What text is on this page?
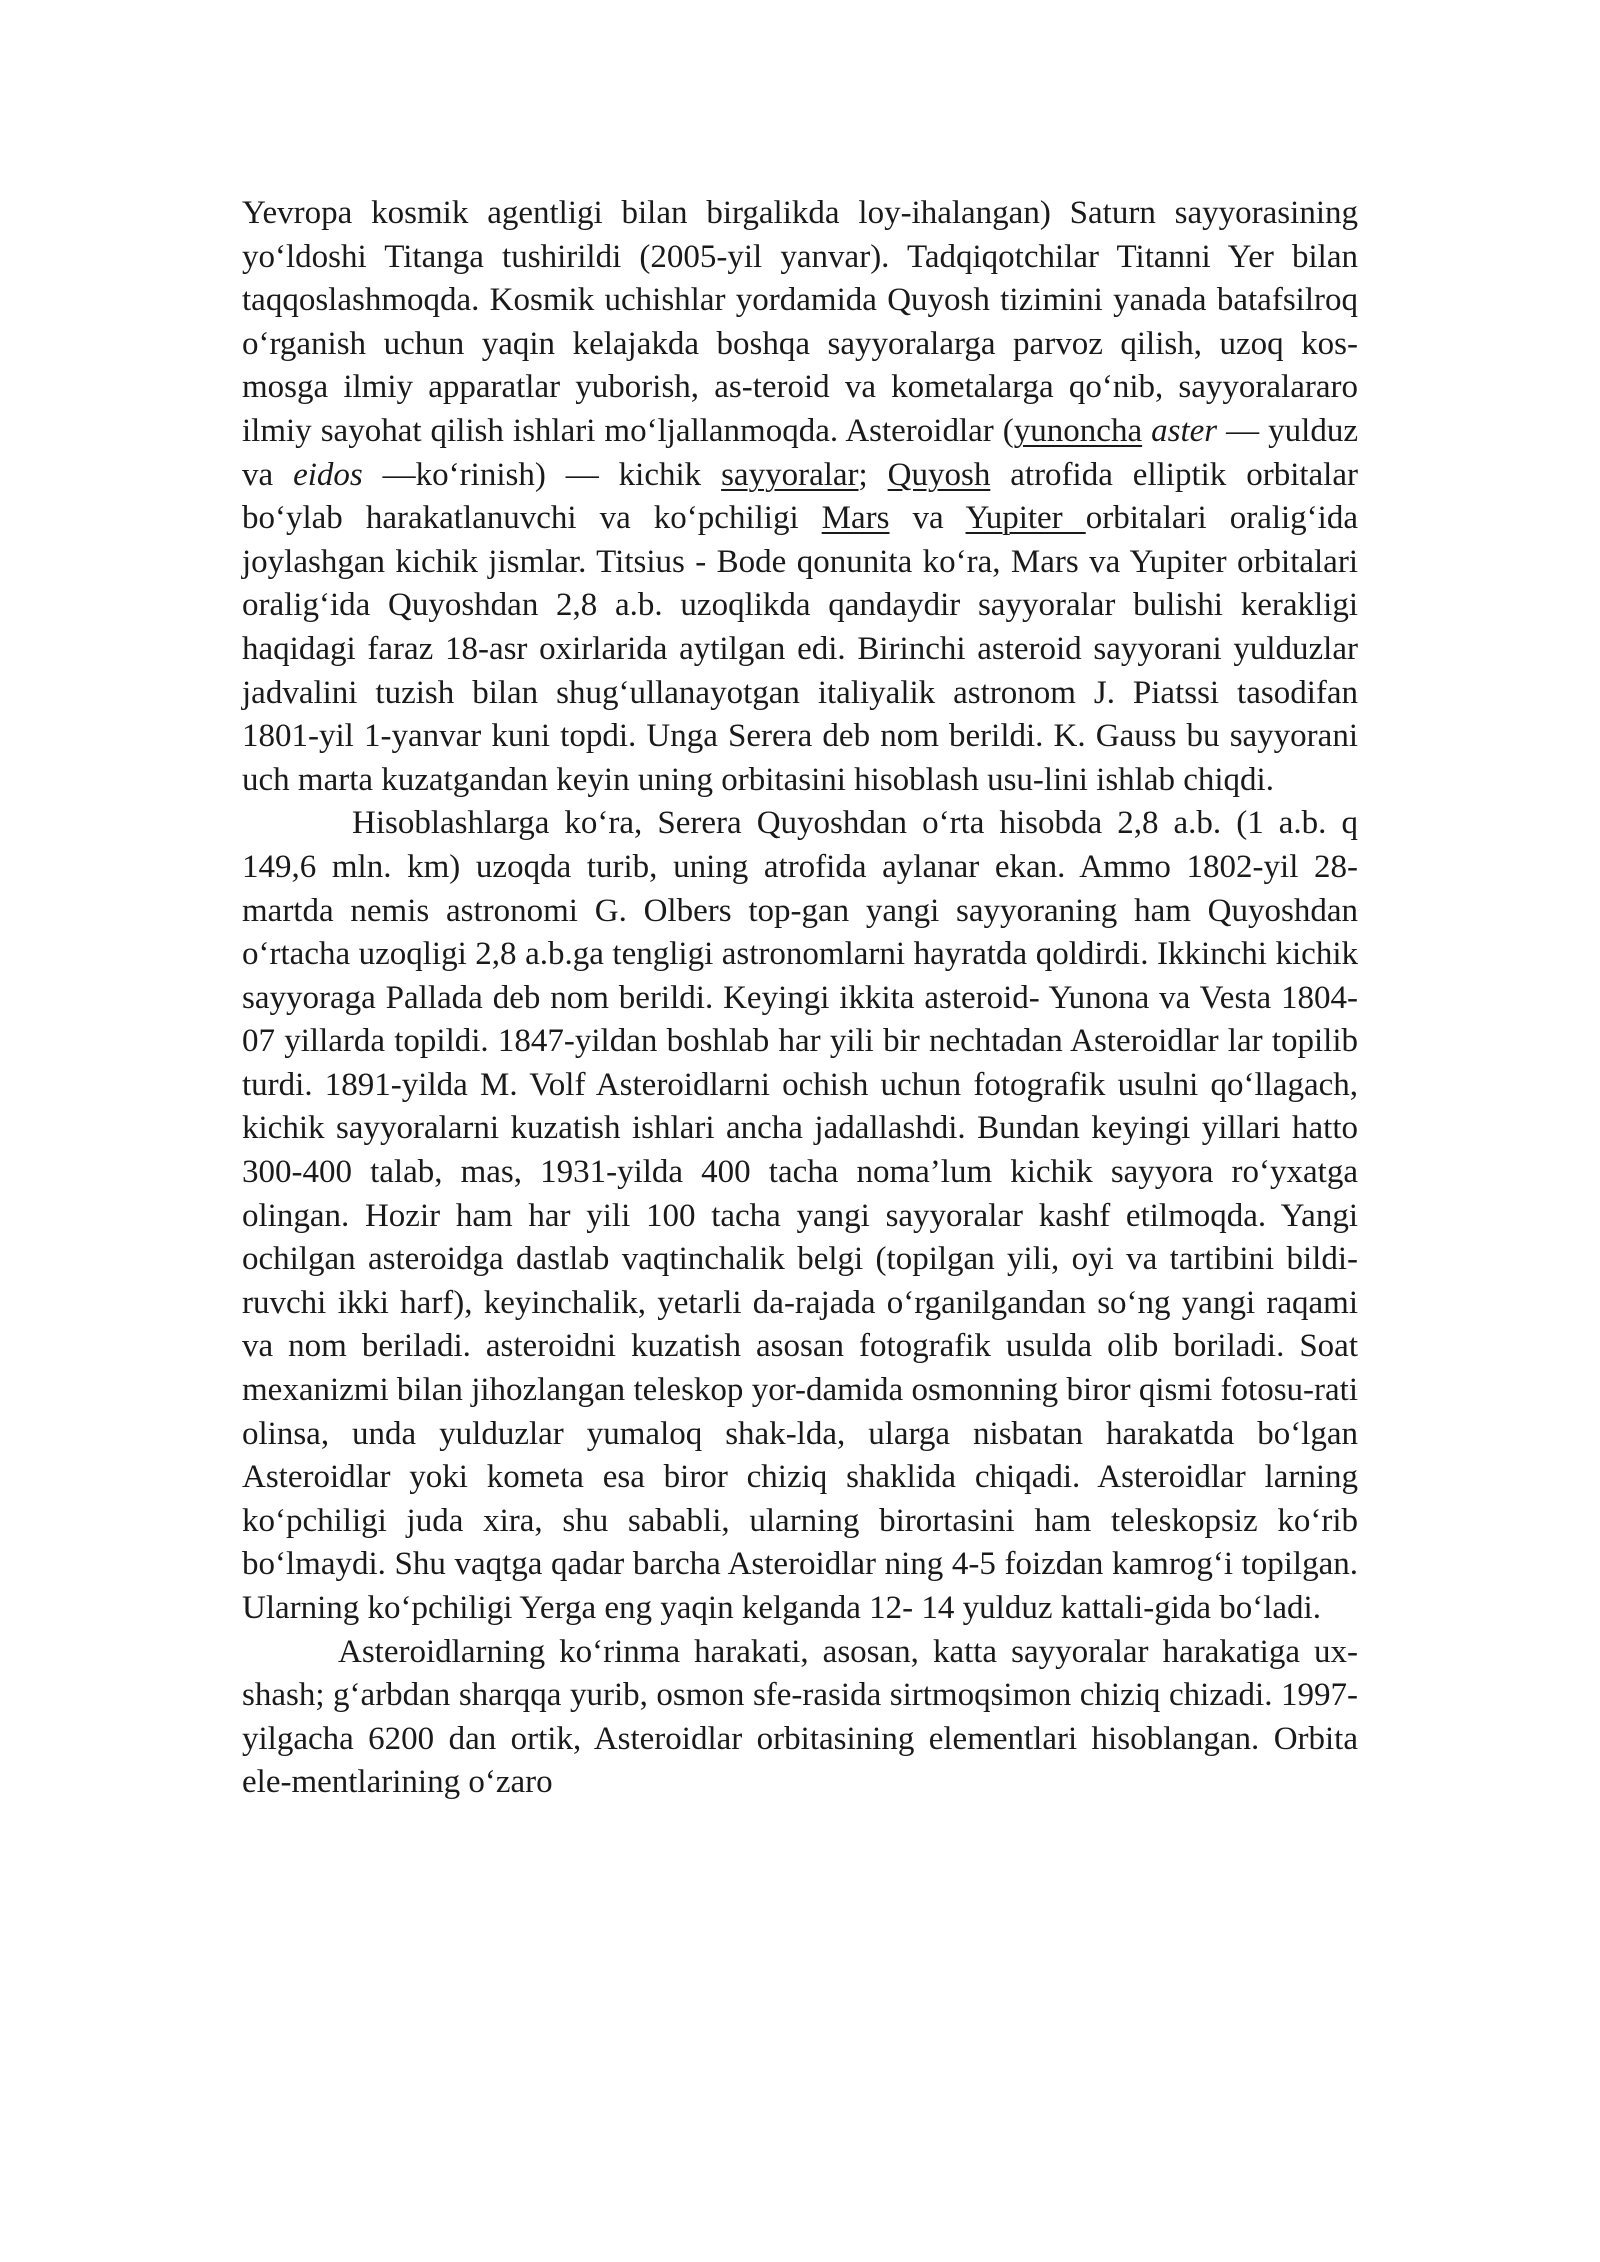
Yevropa kosmik agentligi bilan birgalikda loy-ihalangan) Saturn sayyorasining yo‘ldoshi Titanga tushirildi (2005-yil yanvar). Tadqiqotchilar Titanni Yer bilan taqqoslashmoqda. Kosmik uchishlar yordamida Quyosh tizimini yanada batafsilroq o‘rganish uchun yaqin kelajakda boshqa sayyoralarga parvoz qilish, uzoq kos-mosga ilmiy apparatlar yuborish, as-teroid va kometalarga qo‘nib, sayyoralararo ilmiy sayohat qilish ishlari mo‘ljallanmoqda. Asteroidlar (yunoncha aster — yulduz va eidos —ko‘rinish) — kichik sayyoralar; Quyosh atrofida elliptik orbitalar bo‘ylab harakatlanuvchi va ko‘pchiligi Mars va Yupiter orbitalari oralig‘ida joylashgan kichik jismlar. Titsius - Bode qonunita ko‘ra, Mars va Yupiter orbitalari oralig‘ida Quyoshdan 2,8 a.b. uzoqlikda qandaydir sayyoralar bulishi kerakligi haqidagi faraz 18-asr oxirlarida aytilgan edi. Birinchi asteroid sayyorani yulduzlar jadvalini tuzish bilan shug‘ullanayotgan italiyalik astronom J. Piatssi tasodifan 1801-yil 1-yanvar kuni topdi. Unga Serera deb nom berildi. K. Gauss bu sayyorani uch marta kuzatgandan keyin uning orbitasini hisoblash usu-lini ishlab chiqdi.

Hisoblashlarga ko‘ra, Serera Quyoshdan o‘rta hisobda 2,8 a.b. (1 a.b. q 149,6 mln. km) uzoqda turib, uning atrofida aylanar ekan. Ammo 1802-yil 28-martda nemis astronomi G. Olbers top-gan yangi sayyoraning ham Quyoshdan o‘rtacha uzoqligi 2,8 a.b.ga tengligi astronomlarni hayratda qoldirdi. Ikkinchi kichik sayyoraga Pallada deb nom berildi. Keyingi ikkita asteroid- Yunona va Vesta 1804-07 yillarda topildi. 1847-yildan boshlab har yili bir nechtadan Asteroidlar lar topilib turdi. 1891-yilda M. Volf Asteroidlarni ochish uchun fotografik usulni qo‘llagach, kichik sayyoralarni kuzatish ishlari ancha jadallashdi. Bundan keyingi yillari hatto 300-400 talab, mas, 1931-yilda 400 tacha noma’lum kichik sayyora ro‘yxatga olingan. Hozir ham har yili 100 tacha yangi sayyoralar kashf etilmoqda. Yangi ochilgan asteroidga dastlab vaqtinchalik belgi (topilgan yili, oyi va tartibini bildi-ruvchi ikki harf), keyinchalik, yetarli da-rajada o‘rganilgandan so‘ng yangi raqami va nom beriladi. asteroidni kuzatish asosan fotografik usulda olib boriladi. Soat mexanizmi bilan jihozlangan teleskop yor-damida osmonning biror qismi fotosu-rati olinsa, unda yulduzlar yumaloq shak-lda, ularga nisbatan harakatda bo‘lgan Asteroidlar yoki kometa esa biror chiziq shaklida chiqadi. Asteroidlar larning ko‘pchiligi juda xira, shu sababli, ularning birortasini ham teleskopsiz ko‘rib bo‘lmaydi. Shu vaqtga qadar barcha Asteroidlar ning 4-5 foizdan kamrog‘i topilgan. Ularning ko‘pchiligi Yerga eng yaqin kelganda 12- 14 yulduz kattali-gida bo‘ladi.

Asteroidlarning ko‘rinma harakati, asosan, katta sayyoralar harakatiga ux-shash; g‘arbdan sharqqa yurib, osmon sfe-rasida sirtmoqsimon chiziq chizadi. 1997-yilgacha 6200 dan ortik, Asteroidlar orbitasining elementlari hisoblangan. Orbita ele-mentlarining o‘zaro
